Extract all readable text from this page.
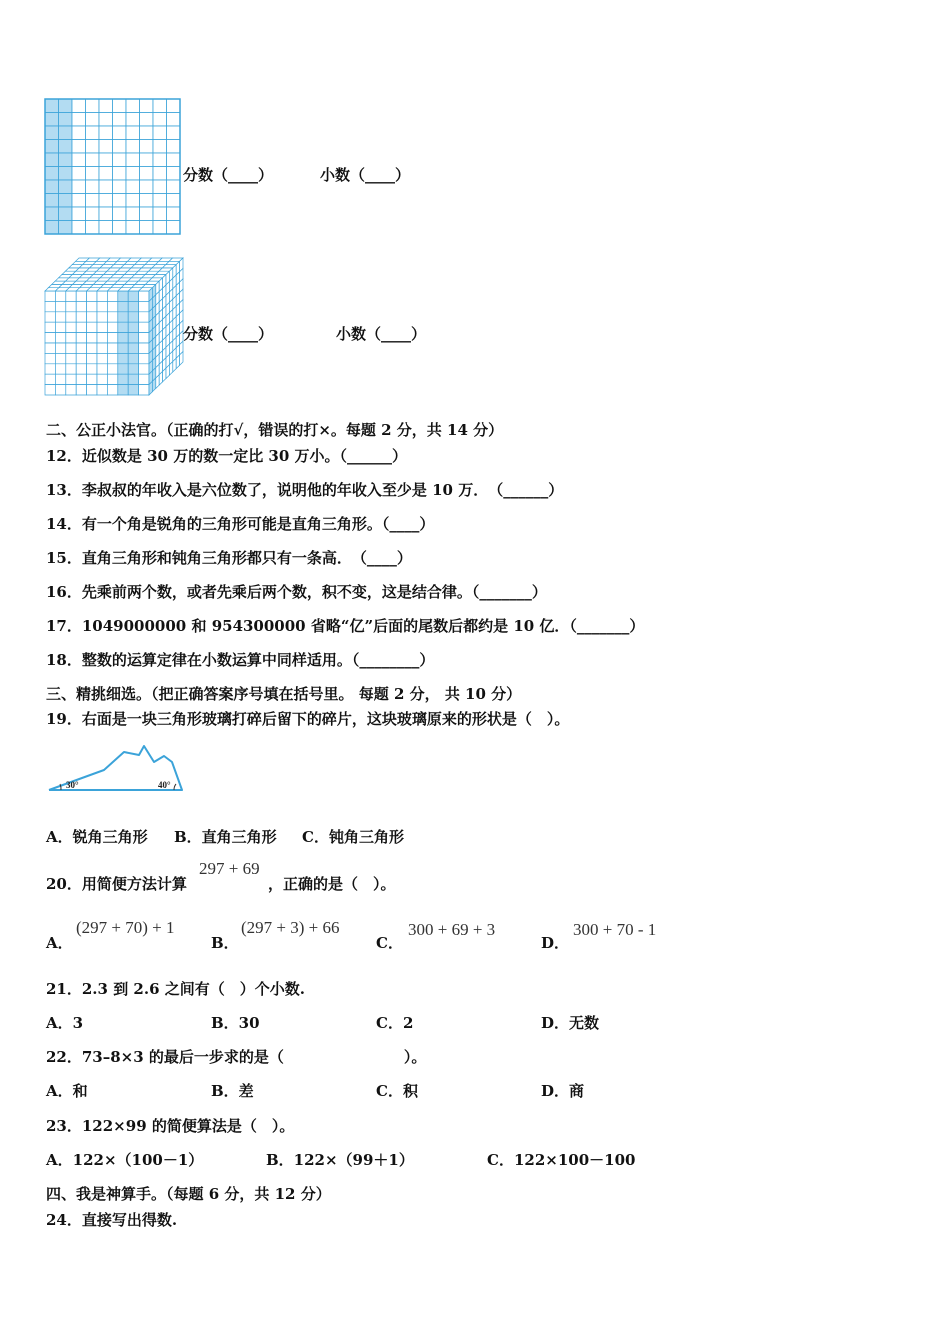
分数（____）	小数（____）
分数（____）	小数（____）
二、公正小法官。（正确的打√，错误的打×。每题 2 分，共 14 分）
12．近似数是 30 万的数一定比 30 万小。（______）
13．李叔叔的年收入是六位数了，说明他的年收入至少是 10 万．　（______）
14．有一个角是锐角的三角形可能是直角三角形。（____）
15．直角三角形和钝角三角形都只有一条高．　（____）
16．先乘前两个数，或者先乘后两个数，积不变，这是结合律。（_______）
17．1049000000 和 954300000 省略“亿”后面的尾数后都约是 10 亿．（_______）
18．整数的运算定律在小数运算中同样适用。（________）
三、精挑细选。（把正确答案序号填在括号里。 每题 2 分， 共 10 分）
19．右面是一块三角形玻璃打碎后留下的碎片，这块玻璃原来的形状是（　）。
30°	40°
A．锐角三角形 B．直角三角形 C．钝角三角形
20．用简便方法计算
297 + 69
，正确的是（　）。
A．
(297 + 70) + 1
B．
(297 + 3) + 66
C．
300 + 69 + 3
D．
300 + 70 - 1
21．2.3 到 2.6 之间有（　）个小数.
A．3	B．30	C．2	D．无数
22．73–8×3 的最后一步求的是（　　　　　　　　）。
A．和	B．差	C．积	D．商
23．122×99 的简便算法是（　）。
A．122×（100－1）	B．122×（99＋1）	C．122×100－100
四、我是神算手。（每题 6 分，共 12 分）
24．直接写出得数.
